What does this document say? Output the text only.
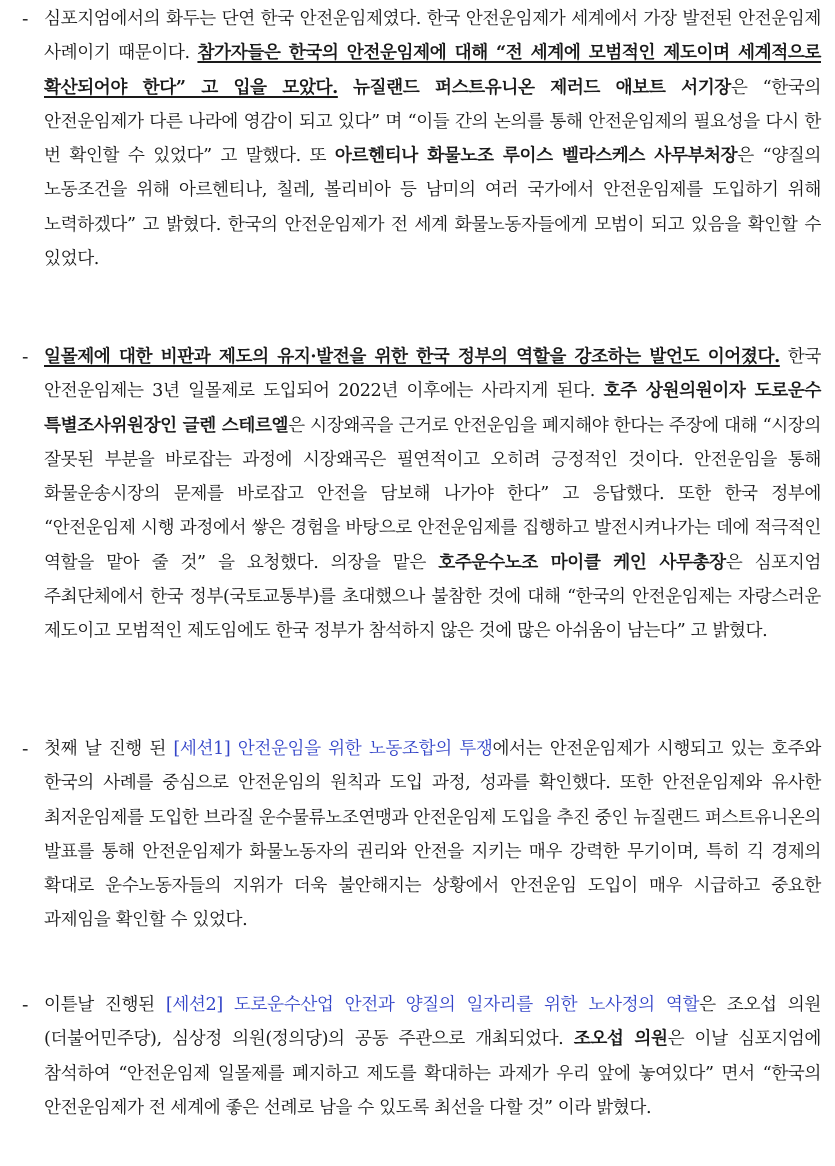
- 심포지엄에서의 화두는 단연 한국 안전운임제였다. 한국 안전운임제가 세계에서 가장 발전된 안전운임제 사례이기 때문이다. 참가자들은 한국의 안전운임제에 대해 “전 세계에 모범적인 제도이며 세계적으로 확산되어야 한다” 고 입을 모았다. 뉴질랜드 퍼스트유니온 제러드 애보트 서기장은 “한국의 안전운임제가 다른 나라에 영감이 되고 있다” 며 “이들 간의 논의를 통해 안전운임제의 필요성을 다시 한 번 확인할 수 있었다” 고 말했다. 또 아르헨티나 화물노조 루이스 벨라스케스 사무부처장은 “양질의 노동조건을 위해 아르헨티나, 칠레, 볼리비아 등 남미의 여러 국가에서 안전운임제를 도입하기 위해 노력하겠다” 고 밝혔다. 한국의 안전운임제가 전 세계 화물노동자들에게 모범이 되고 있음을 확인할 수 있었다.
- 일몰제에 대한 비판과 제도의 유지·발전을 위한 한국 정부의 역할을 강조하는 발언도 이어졌다. 한국 안전운임제는 3년 일몰제로 도입되어 2022년 이후에는 사라지게 된다. 호주 상원의원이자 도로운수 특별조사위원장인 글렌 스테르엘은 시장왜곡을 근거로 안전운임을 폐지해야 한다는 주장에 대해 “시장의 잘못된 부분을 바로잡는 과정에 시장왜곡은 필연적이고 오히려 긍정적인 것이다. 안전운임을 통해 화물운송시장의 문제를 바로잡고 안전을 담보해 나가야 한다” 고 응답했다. 또한 한국 정부에 “안전운임제 시행 과정에서 쌓은 경험을 바탕으로 안전운임제를 집행하고 발전시켜나가는 데에 적극적인 역할을 맡아 줄 것” 을 요청했다. 의장을 맡은 호주운수노조 마이클 케인 사무총장은 심포지엄 주최단체에서 한국 정부(국토교통부)를 초대했으나 불참한 것에 대해 “한국의 안전운임제는 자랑스러운 제도이고 모범적인 제도임에도 한국 정부가 참석하지 않은 것에 많은 아쉬움이 남는다” 고 밝혔다.
- 첫째 날 진행 된 [세션1] 안전운임을 위한 노동조합의 투쟁에서는 안전운임제가 시행되고 있는 호주와 한국의 사례를 중심으로 안전운임의 원칙과 도입 과정, 성과를 확인했다. 또한 안전운임제와 유사한 최저운임제를 도입한 브라질 운수물류노조연맹과 안전운임제 도입을 추진 중인 뉴질랜드 퍼스트유니온의 발표를 통해 안전운임제가 화물노동자의 권리와 안전을 지키는 매우 강력한 무기이며, 특히 긱 경제의 확대로 운수노동자들의 지위가 더욱 불안해지는 상황에서 안전운임 도입이 매우 시급하고 중요한 과제임을 확인할 수 있었다.
- 이튿날 진행된 [세션2] 도로운수산업 안전과 양질의 일자리를 위한 노사정의 역할은 조오섭 의원(더불어민주당), 심상정 의원(정의당)의 공동 주관으로 개최되었다. 조오섭 의원은 이날 심포지엄에 참석하여 “안전운임제 일몰제를 폐지하고 제도를 확대하는 과제가 우리 앞에 놓여있다” 면서 “한국의 안전운임제가 전 세계에 좋은 선례로 남을 수 있도록 최선을 다할 것” 이라 밝혔다.
